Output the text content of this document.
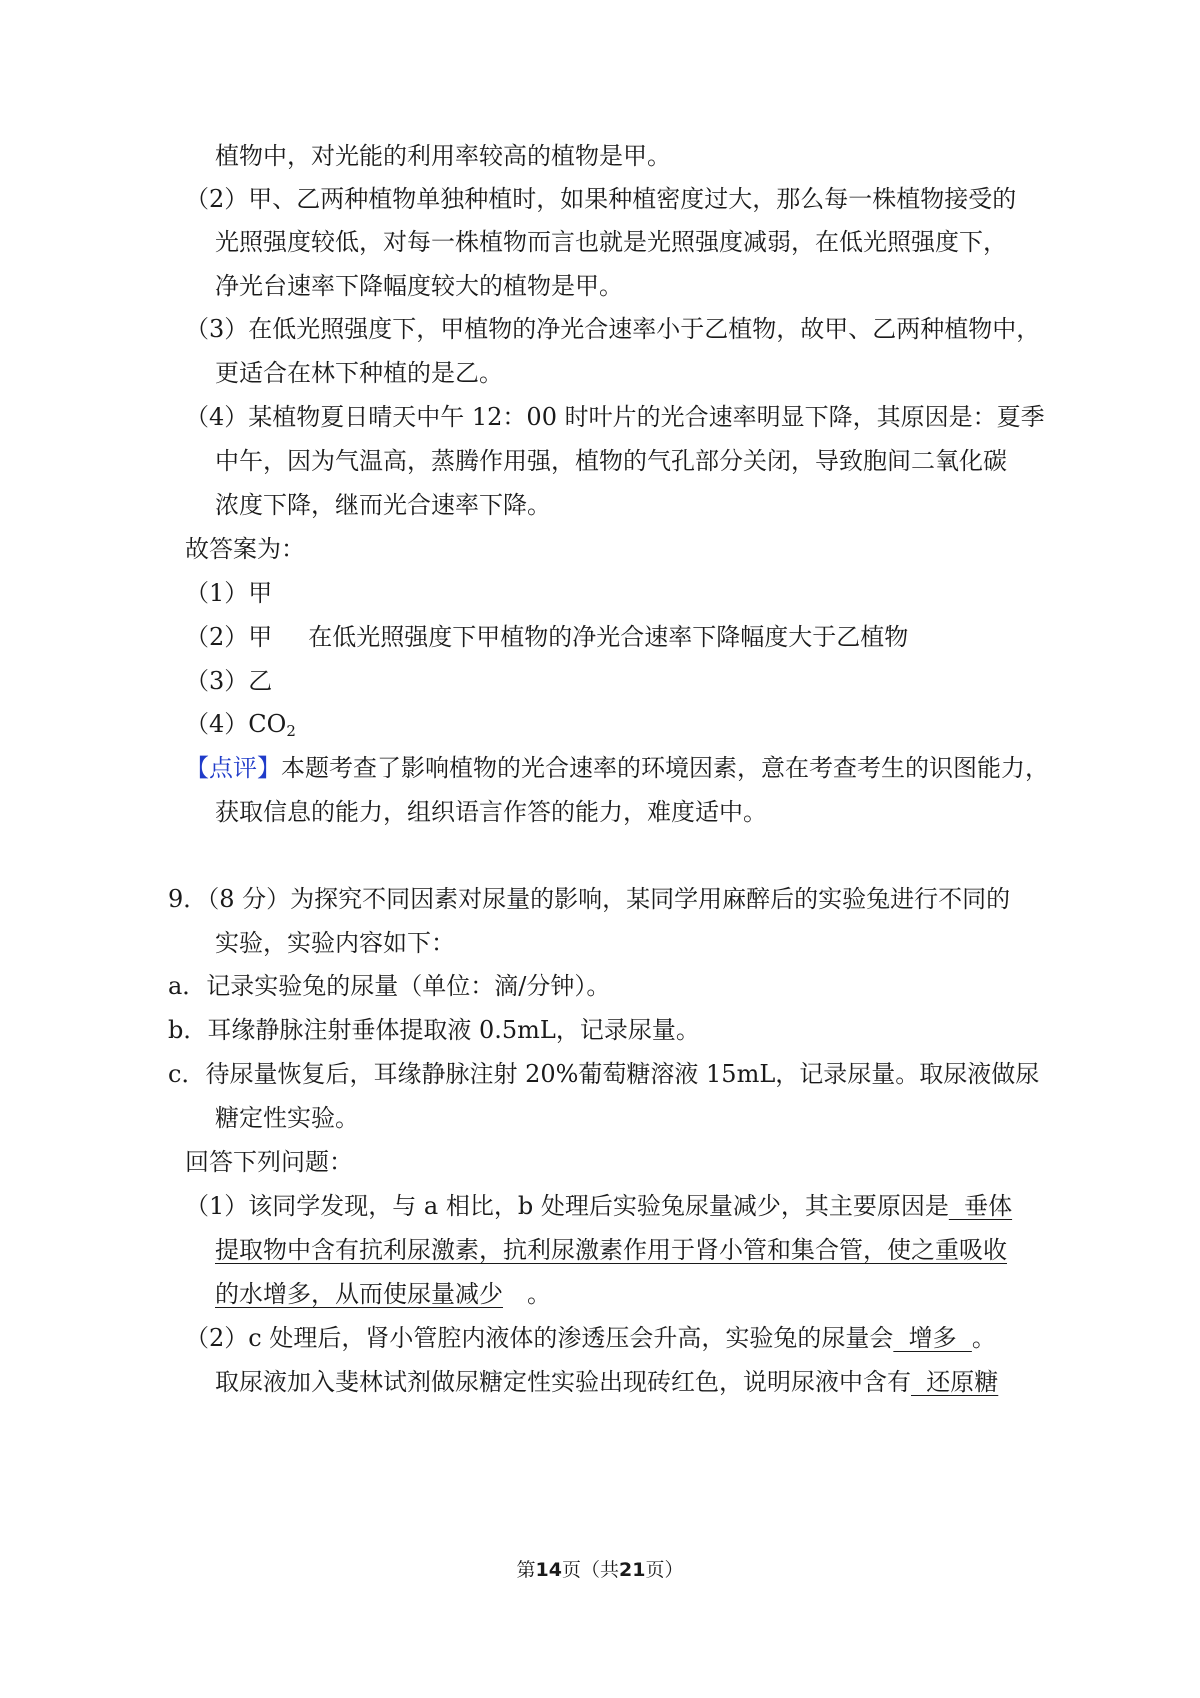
植物中，对光能的利用率较高的植物是甲。
（2）甲、乙两种植物单独种植时，如果种植密度过大，那么每一株植物接受的
光照强度较低，对每一株植物而言也就是光照强度减弱，在低光照强度下，
净光台速率下降幅度较大的植物是甲。
（3）在低光照强度下，甲植物的净光合速率小于乙植物，故甲、乙两种植物中，
更适合在林下种植的是乙。
（4）某植物夏日晴天中午 12：00 时叶片的光合速率明显下降，其原因是：夏季
中午，因为气温高，蒸腾作用强，植物的气孔部分关闭，导致胞间二氧化碳
浓度下降，继而光合速率下降。
故答案为：
（1）甲
（2）甲 在低光照强度下甲植物的净光合速率下降幅度大于乙植物
（3）乙
$(4)CO_2$
【点评】本题考查了影响植物的光合速率的环境因素，意在考查考生的识图能力，
获取信息的能力，组织语言作答的能力，难度适中。
9．（8 分）为探究不同因素对尿量的影响，某同学用麻醉后的实验兔进行不同的
实验，实验内容如下：
a．记录实验兔的尿量（单位：滴/分钟）。
b．耳缘静脉注射垂体提取液 0.5mL，记录尿量。
c．待尿量恢复后，耳缘静脉注射 20%葡萄糖溶液 15mL，记录尿量。取尿液做尿
糖定性实验。
回答下列问题：
（1）该同学发现，与 a 相比，b 处理后实验兔尿量减少，其主要原因是  垂体
提取物中含有抗利尿激素，抗利尿激素作用于肾小管和集合管，使之重吸收
的水增多，从而使尿量减少 。
（2）c 处理后，肾小管腔内液体的渗透压会升高，实验兔的尿量会  增多  。
取尿液加入斐林试剂做尿糖定性实验出现砖红色，说明尿液中含有  还原糖
第14页（共21页）
